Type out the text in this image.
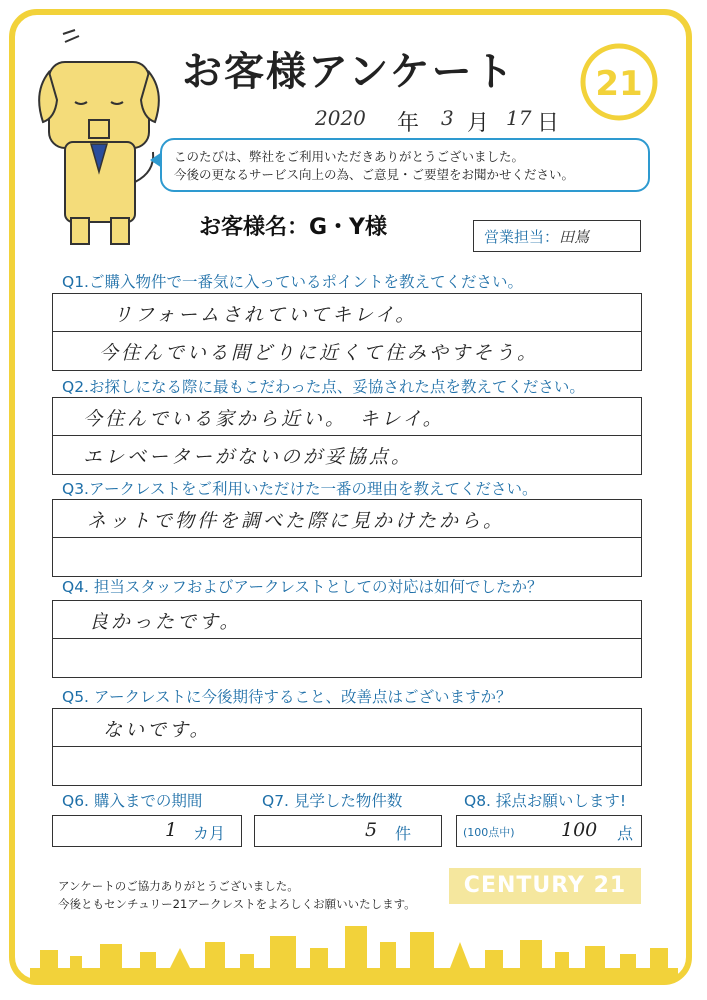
お客様アンケート 21
2020 年 3 月 17 日
このたびは、弊社をご利用いただきありがとうございました。
今後の更なるサービス向上の為、ご意見・ご要望をお聞かせください。
お客様名：G・Y様	営業担当：田嶌
Q1.ご購入物件で一番気に入っているポイントを教えてください。
リフォームされていてキレイ。
今住んでいる間どりに近くて住みやすそう。
Q2.お探しになる際に最もこだわった点、妥協された点を教えてください。
今住んでいる家から近い。　キレイ。
エレベーターがないのが妥協点。
Q3.アークレストをご利用いただけた一番の理由を教えてください。
ネットで物件を調べた際に見かけたから。
Q4. 担当スタッフおよびアークレストとしての対応は如何でしたか？
良かったです。
Q5. アークレストに今後期待すること、改善点はございますか？
ないです。
Q6. 購入までの期間	Q7. 見学した物件数	Q8. 採点お願いします!
1 カ月	5 件	(100点中) 100 点
アンケートのご協力ありがとうございました。
今後ともセンチュリー21アークレストをよろしくお願いいたします。
CENTURY 21
